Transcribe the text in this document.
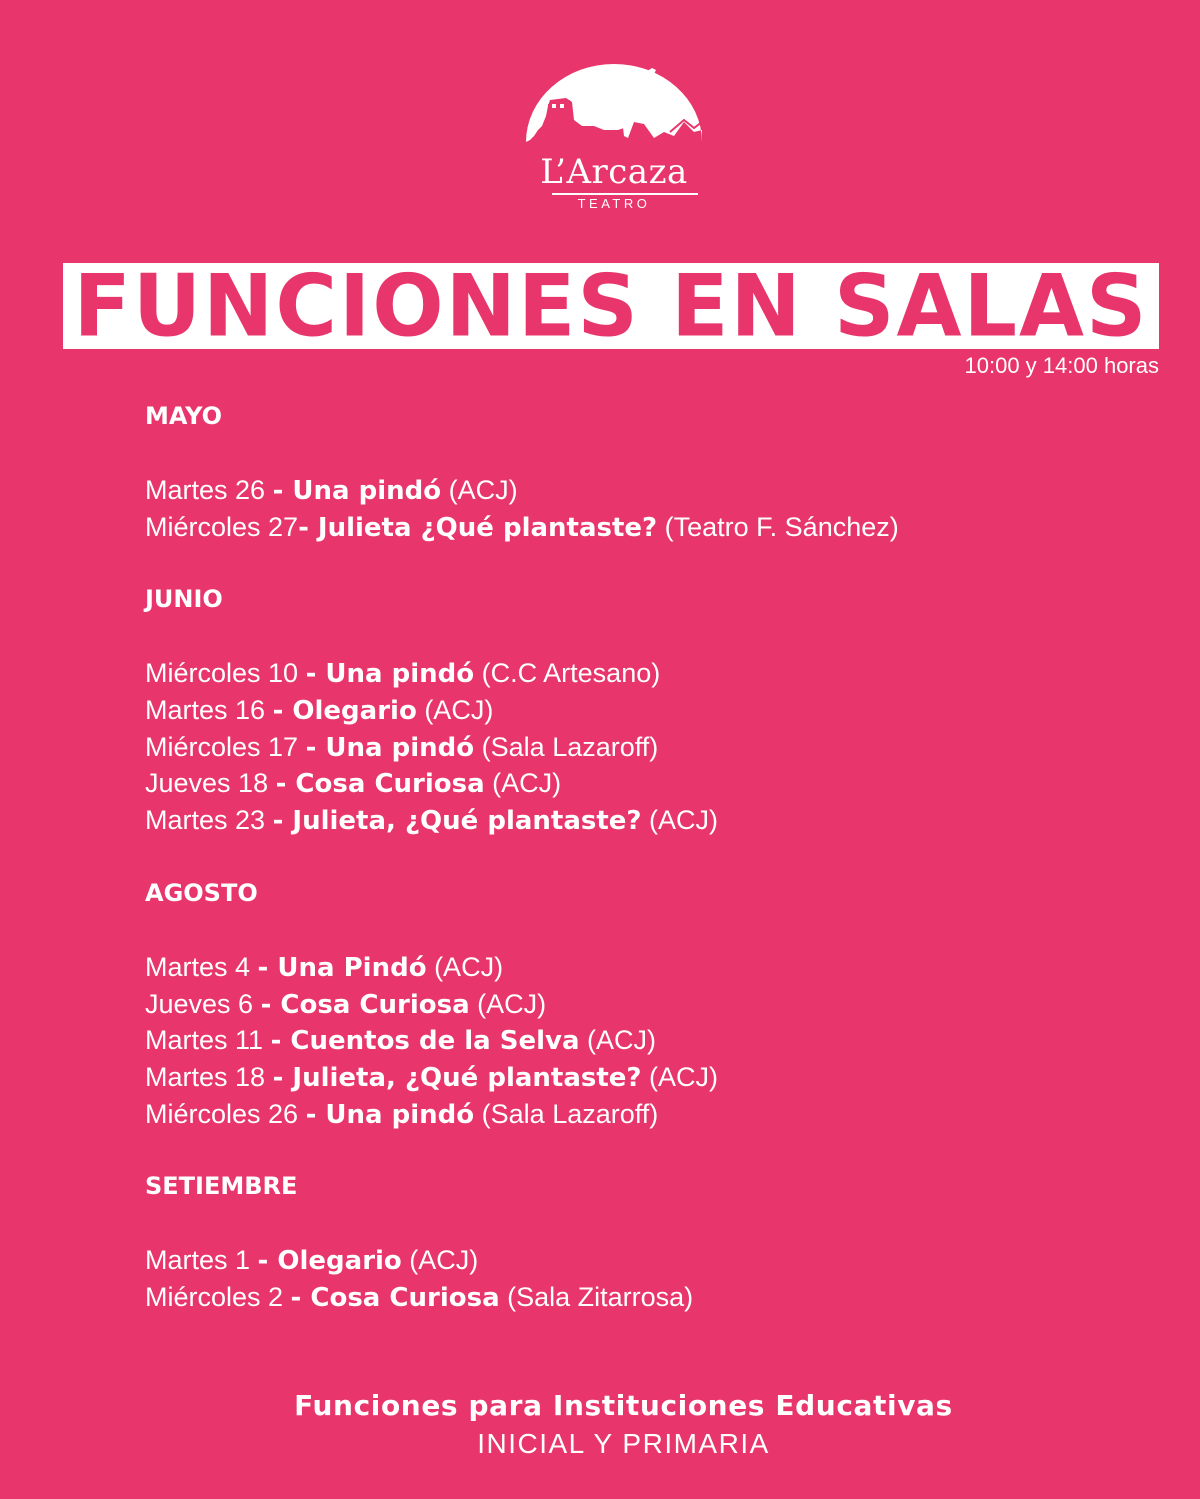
L’Arcaza
TEATRO
FUNCIONES EN SALAS
10:00 y 14:00 horas
MAYO
Martes 26 - Una pindó (ACJ)
Miércoles 27- Julieta ¿Qué plantaste? (Teatro F. Sánchez)
JUNIO
Miércoles 10 - Una pindó (C.C Artesano)
Martes 16 - Olegario (ACJ)
Miércoles 17 - Una pindó (Sala Lazaroff)
Jueves 18 - Cosa Curiosa (ACJ)
Martes 23 - Julieta, ¿Qué plantaste? (ACJ)
AGOSTO
Martes 4 - Una Pindó (ACJ)
Jueves 6 - Cosa Curiosa (ACJ)
Martes 11 - Cuentos de la Selva (ACJ)
Martes 18 - Julieta, ¿Qué plantaste? (ACJ)
Miércoles 26 - Una pindó (Sala Lazaroff)
SETIEMBRE
Martes 1 - Olegario (ACJ)
Miércoles 2 - Cosa Curiosa (Sala Zitarrosa)
Funciones para Instituciones Educativas
INICIAL Y PRIMARIA
